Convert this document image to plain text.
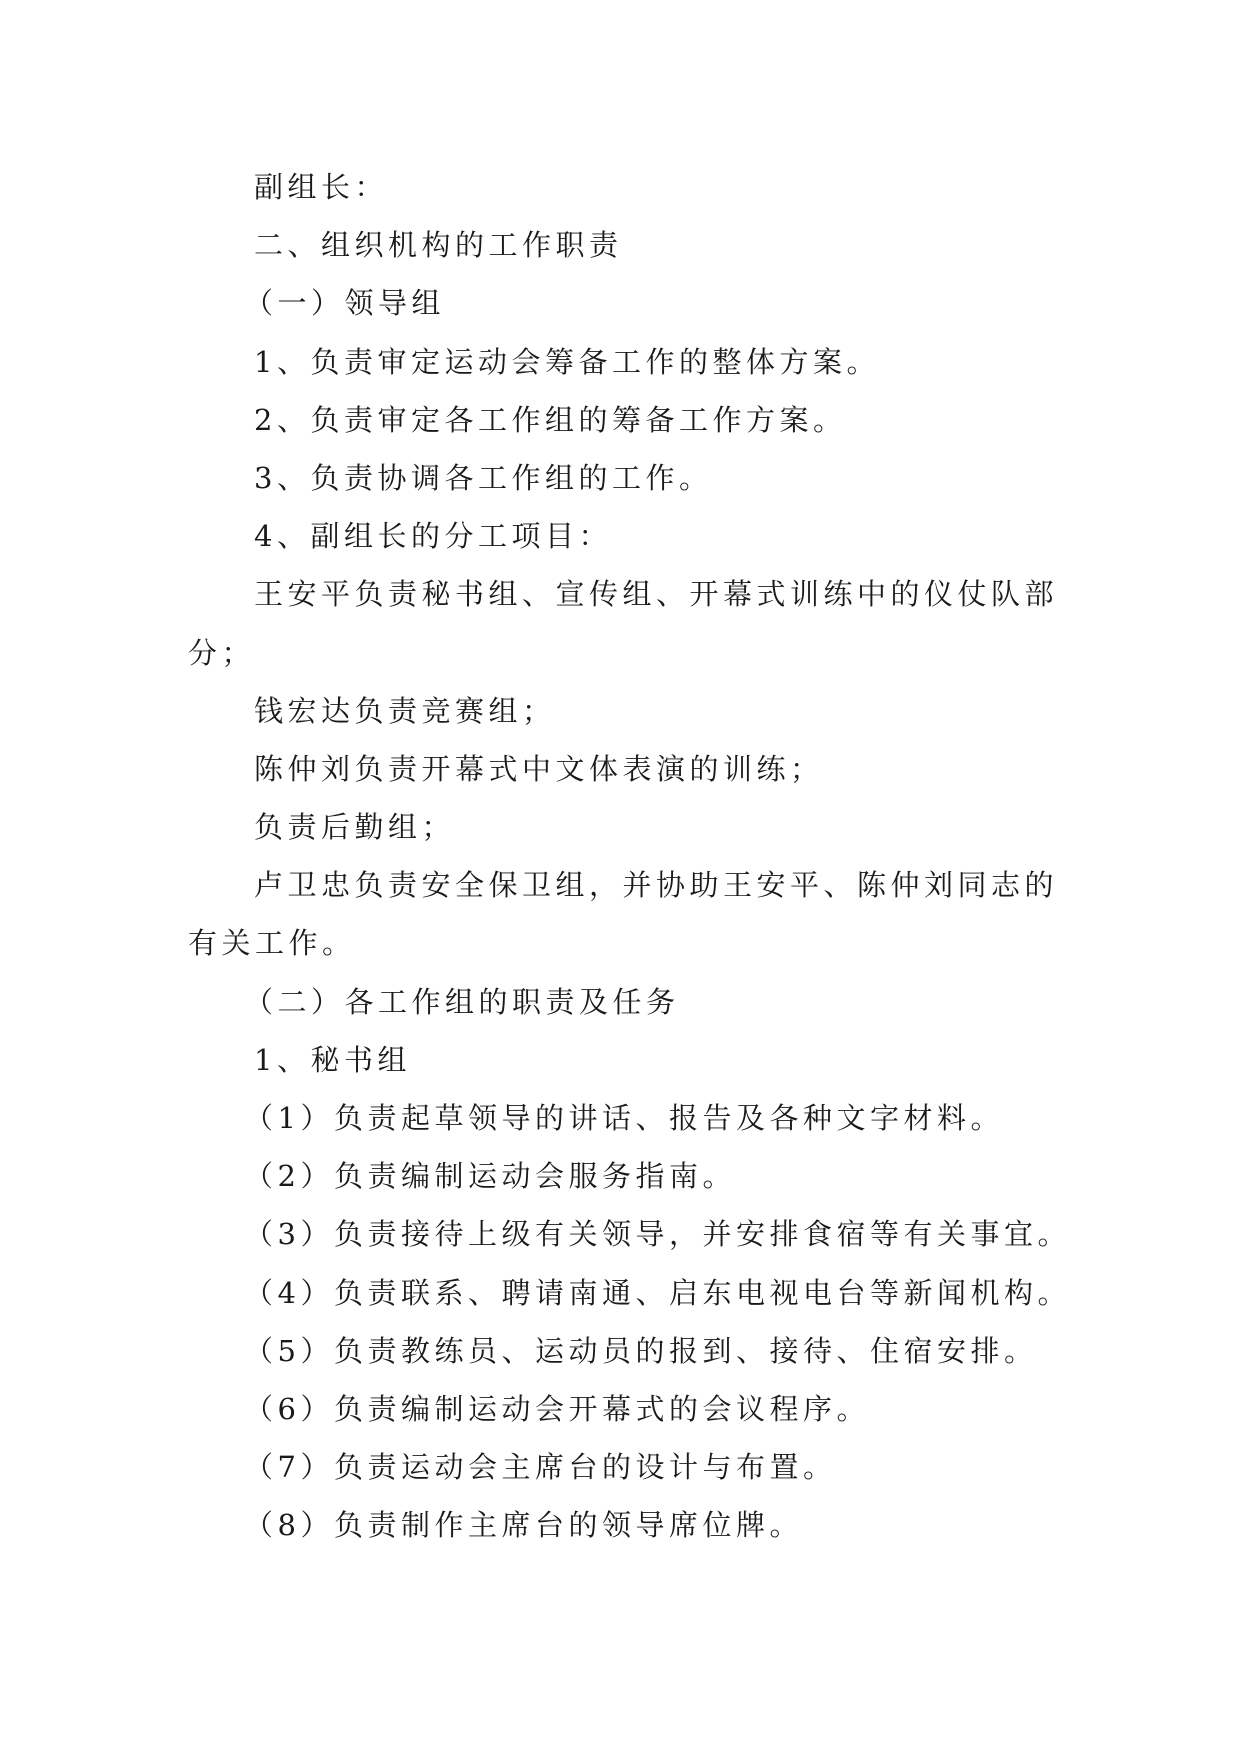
副组长：
二、组织机构的工作职责
（一）领导组
1、负责审定运动会筹备工作的整体方案。
2、负责审定各工作组的筹备工作方案。
3、负责协调各工作组的工作。
4、副组长的分工项目：
王安平负责秘书组、宣传组、开幕式训练中的仪仗队部
分；
钱宏达负责竞赛组；
陈仲刘负责开幕式中文体表演的训练；
负责后勤组；
卢卫忠负责安全保卫组，并协助王安平、陈仲刘同志的
有关工作。
（二）各工作组的职责及任务
1、秘书组
（1）负责起草领导的讲话、报告及各种文字材料。
（2）负责编制运动会服务指南。
（3）负责接待上级有关领导，并安排食宿等有关事宜。
（4）负责联系、聘请南通、启东电视电台等新闻机构。
（5）负责教练员、运动员的报到、接待、住宿安排。
（6）负责编制运动会开幕式的会议程序。
（7）负责运动会主席台的设计与布置。
（8）负责制作主席台的领导席位牌。
